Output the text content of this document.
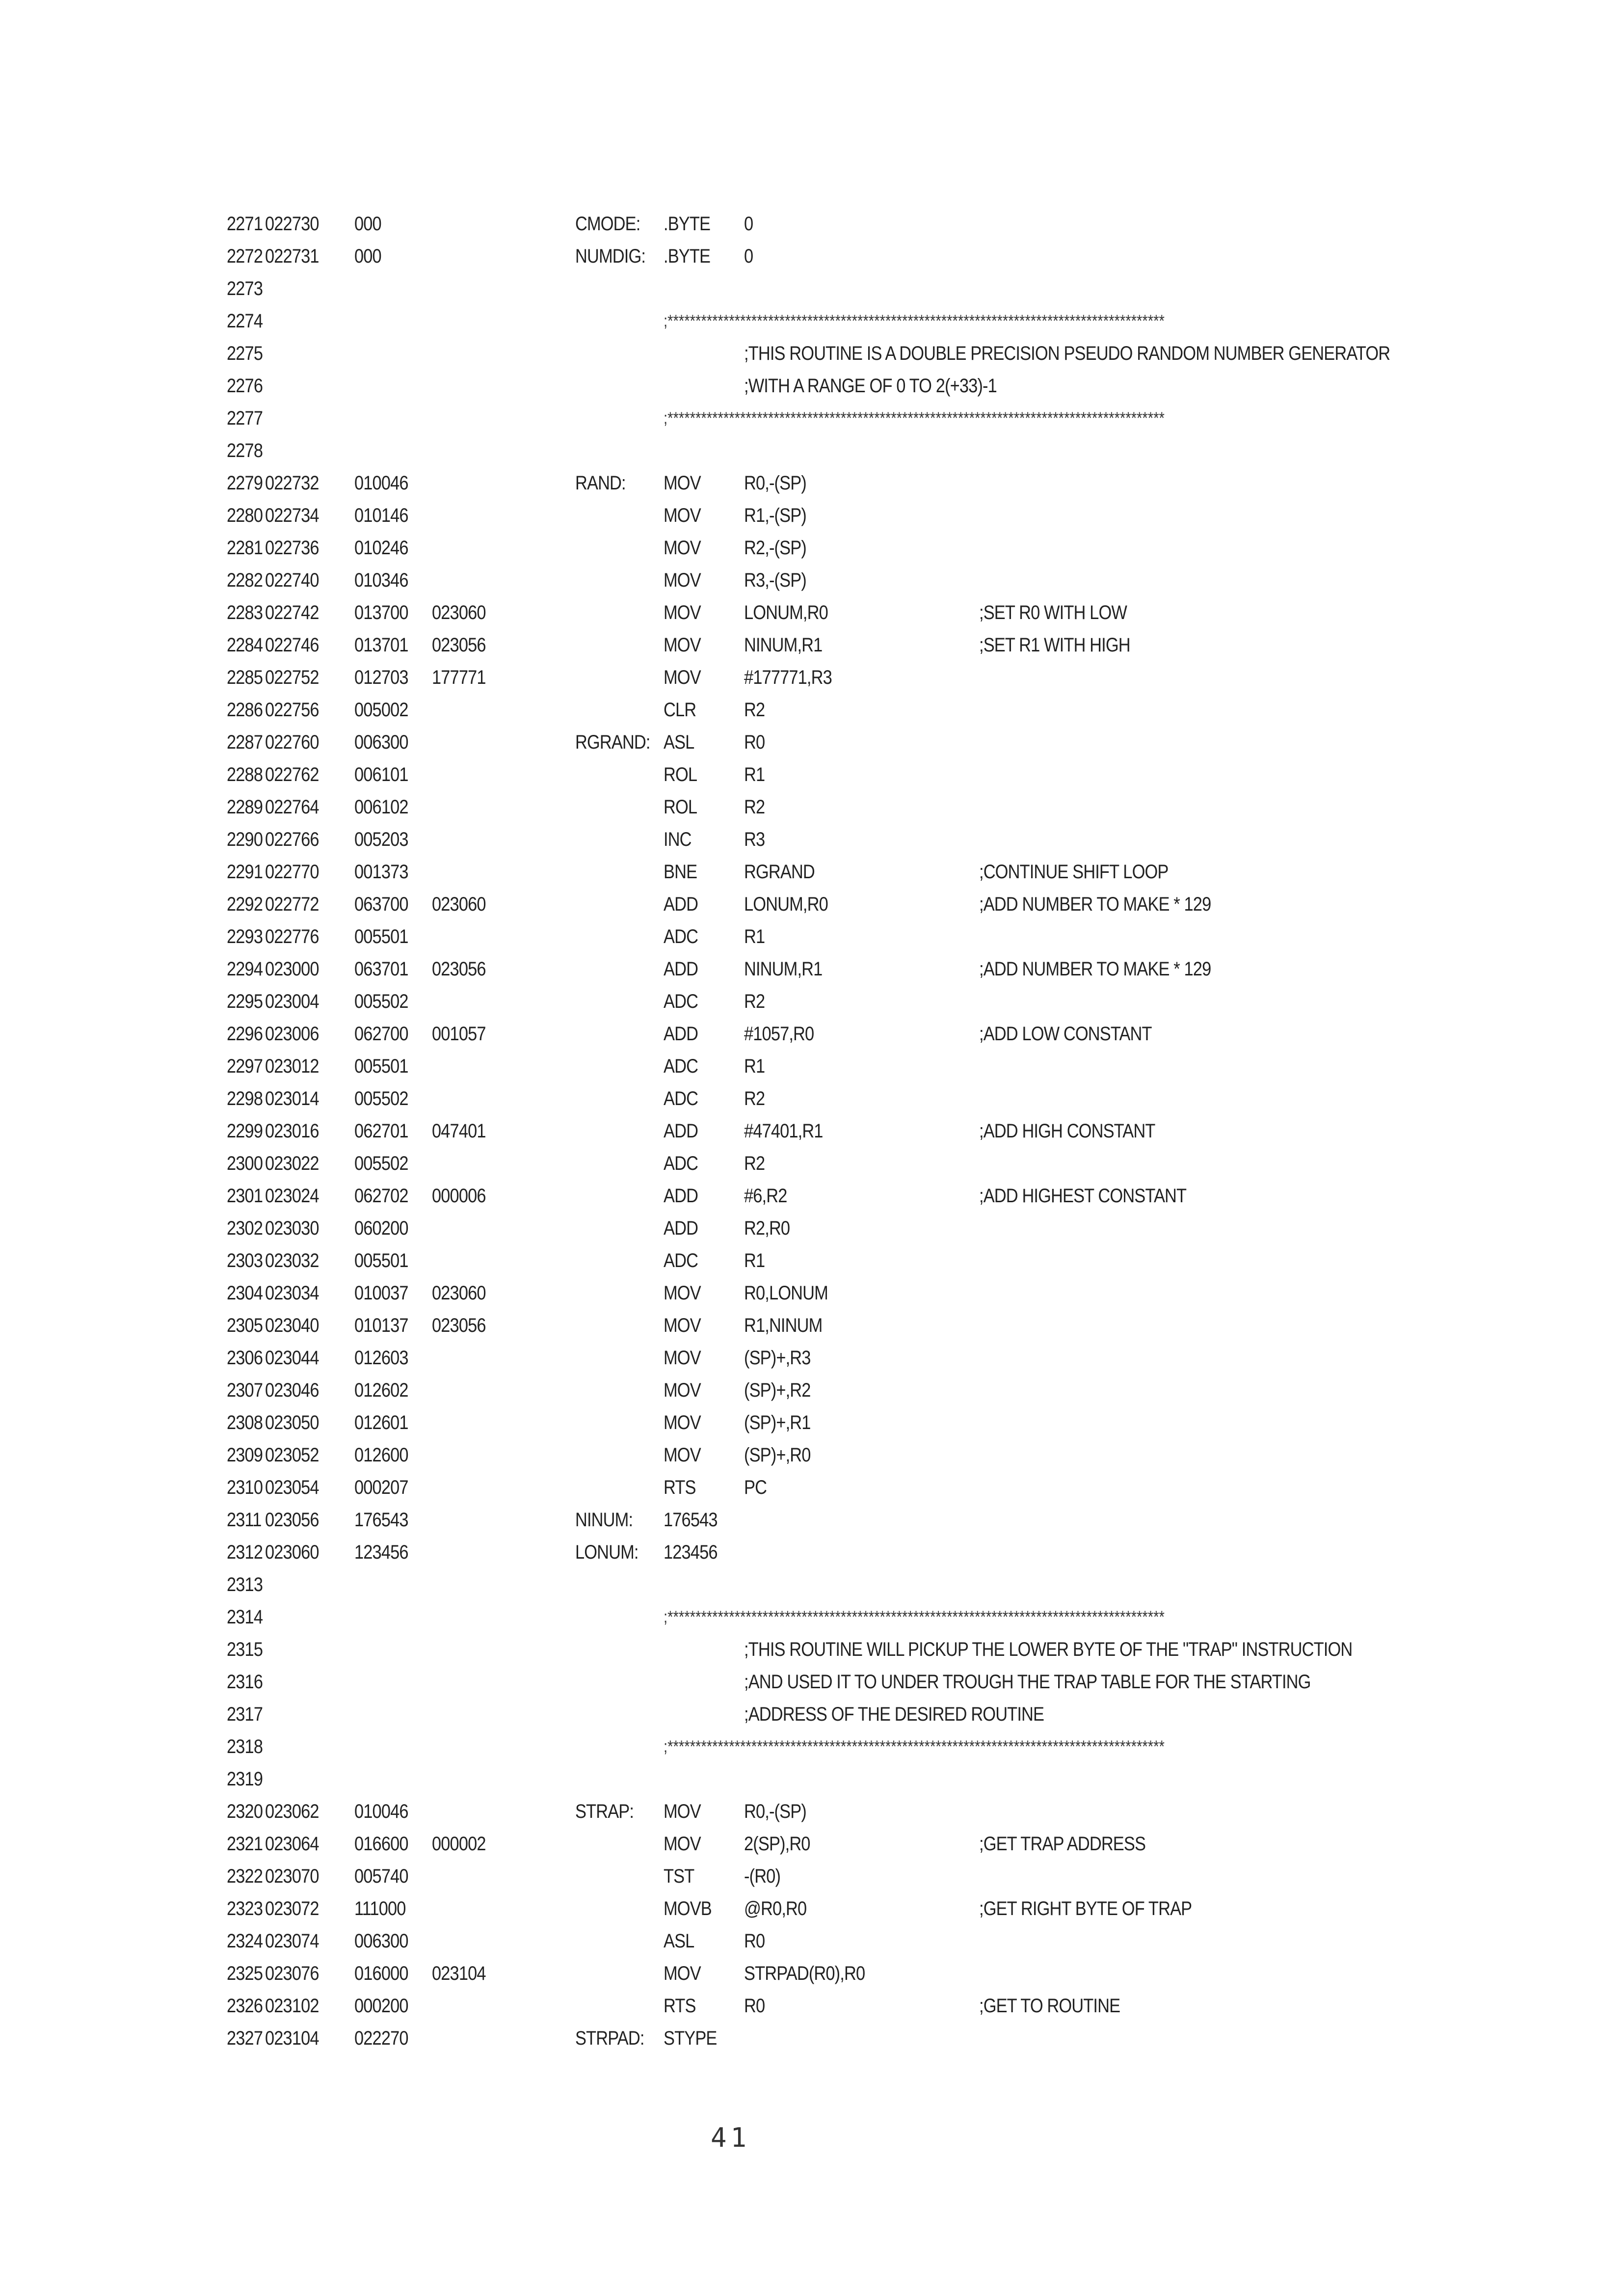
2271 022730 000	CMODE: .BYTE 0
2272 022731 000	NUMDIG: .BYTE 0
2273
2274	;*****************************************************************************************
2275	;THIS ROUTINE IS A DOUBLE PRECISION PSEUDO RANDOM NUMBER GENERATOR
2276	;WITH A RANGE OF 0 TO 2(+33)-1
2277	;*****************************************************************************************
2278
2279 022732 010046	RAND: MOV R0,-(SP)
2280 022734 010146	MOV R1,-(SP)
2281 022736 010246	MOV R2,-(SP)
2282 022740 010346	MOV R3,-(SP)
2283 022742 013700 023060	MOV LONUM,R0	;SET R0 WITH LOW
2284 022746 013701 023056	MOV NINUM,R1	;SET R1 WITH HIGH
2285 022752 012703 177771	MOV #177771,R3
2286 022756 005002	CLR R2
2287 022760 006300	RGRAND: ASL	R0
2288 022762 006101	ROL R1
2289 022764 006102	ROL R2
2290 022766 005203	INC	R3
2291 022770 001373	BNE RGRAND	;CONTINUE SHIFT LOOP
2292 022772 063700 023060	ADD LONUM,R0	;ADD NUMBER TO MAKE * 129
2293 022776 005501	ADC R1
2294 023000 063701 023056	ADD NINUM,R1	;ADD NUMBER TO MAKE * 129
2295 023004 005502	ADC R2
2296 023006 062700 001057	ADD #1057,R0	;ADD LOW CONSTANT
2297 023012 005501	ADC R1
2298 023014 005502	ADC R2
2299 023016 062701 047401	ADD #47401,R1	;ADD HIGH CONSTANT
2300 023022 005502	ADC R2
2301 023024 062702 000006	ADD #6,R2	;ADD HIGHEST CONSTANT
2302 023030 060200	ADD R2,R0
2303 023032 005501	ADC R1
2304 023034 010037 023060	MOV R0,LONUM
2305 023040 010137 023056	MOV R1,NINUM
2306 023044 012603	MOV (SP)+,R3
2307 023046 012602	MOV (SP)+,R2
2308 023050 012601	MOV (SP)+,R1
2309 023052 012600	MOV (SP)+,R0
2310 023054 000207	RTS PC
2311 023056 176543	NINUM: 176543
2312 023060 123456	LONUM: 123456
2313
2314	;*****************************************************************************************
2315	;THIS ROUTINE WILL PICKUP THE LOWER BYTE OF THE "TRAP" INSTRUCTION
2316	;AND USED IT TO UNDER TROUGH THE TRAP TABLE FOR THE STARTING
2317	;ADDRESS OF THE DESIRED ROUTINE
2318	;*****************************************************************************************
2319
2320 023062 010046	STRAP: MOV R0,-(SP)
2321 023064 016600 000002	MOV 2(SP),R0	;GET TRAP ADDRESS
2322 023070 005740	TST	-(R0)
2323 023072 111000	MOVB @R0,R0	;GET RIGHT BYTE OF TRAP
2324 023074 006300	ASL	R0
2325 023076 016000 023104	MOV STRPAD(R0),R0
2326 023102 000200	RTS R0	;GET TO ROUTINE
2327 023104 022270	STRPAD: STYPE
41
